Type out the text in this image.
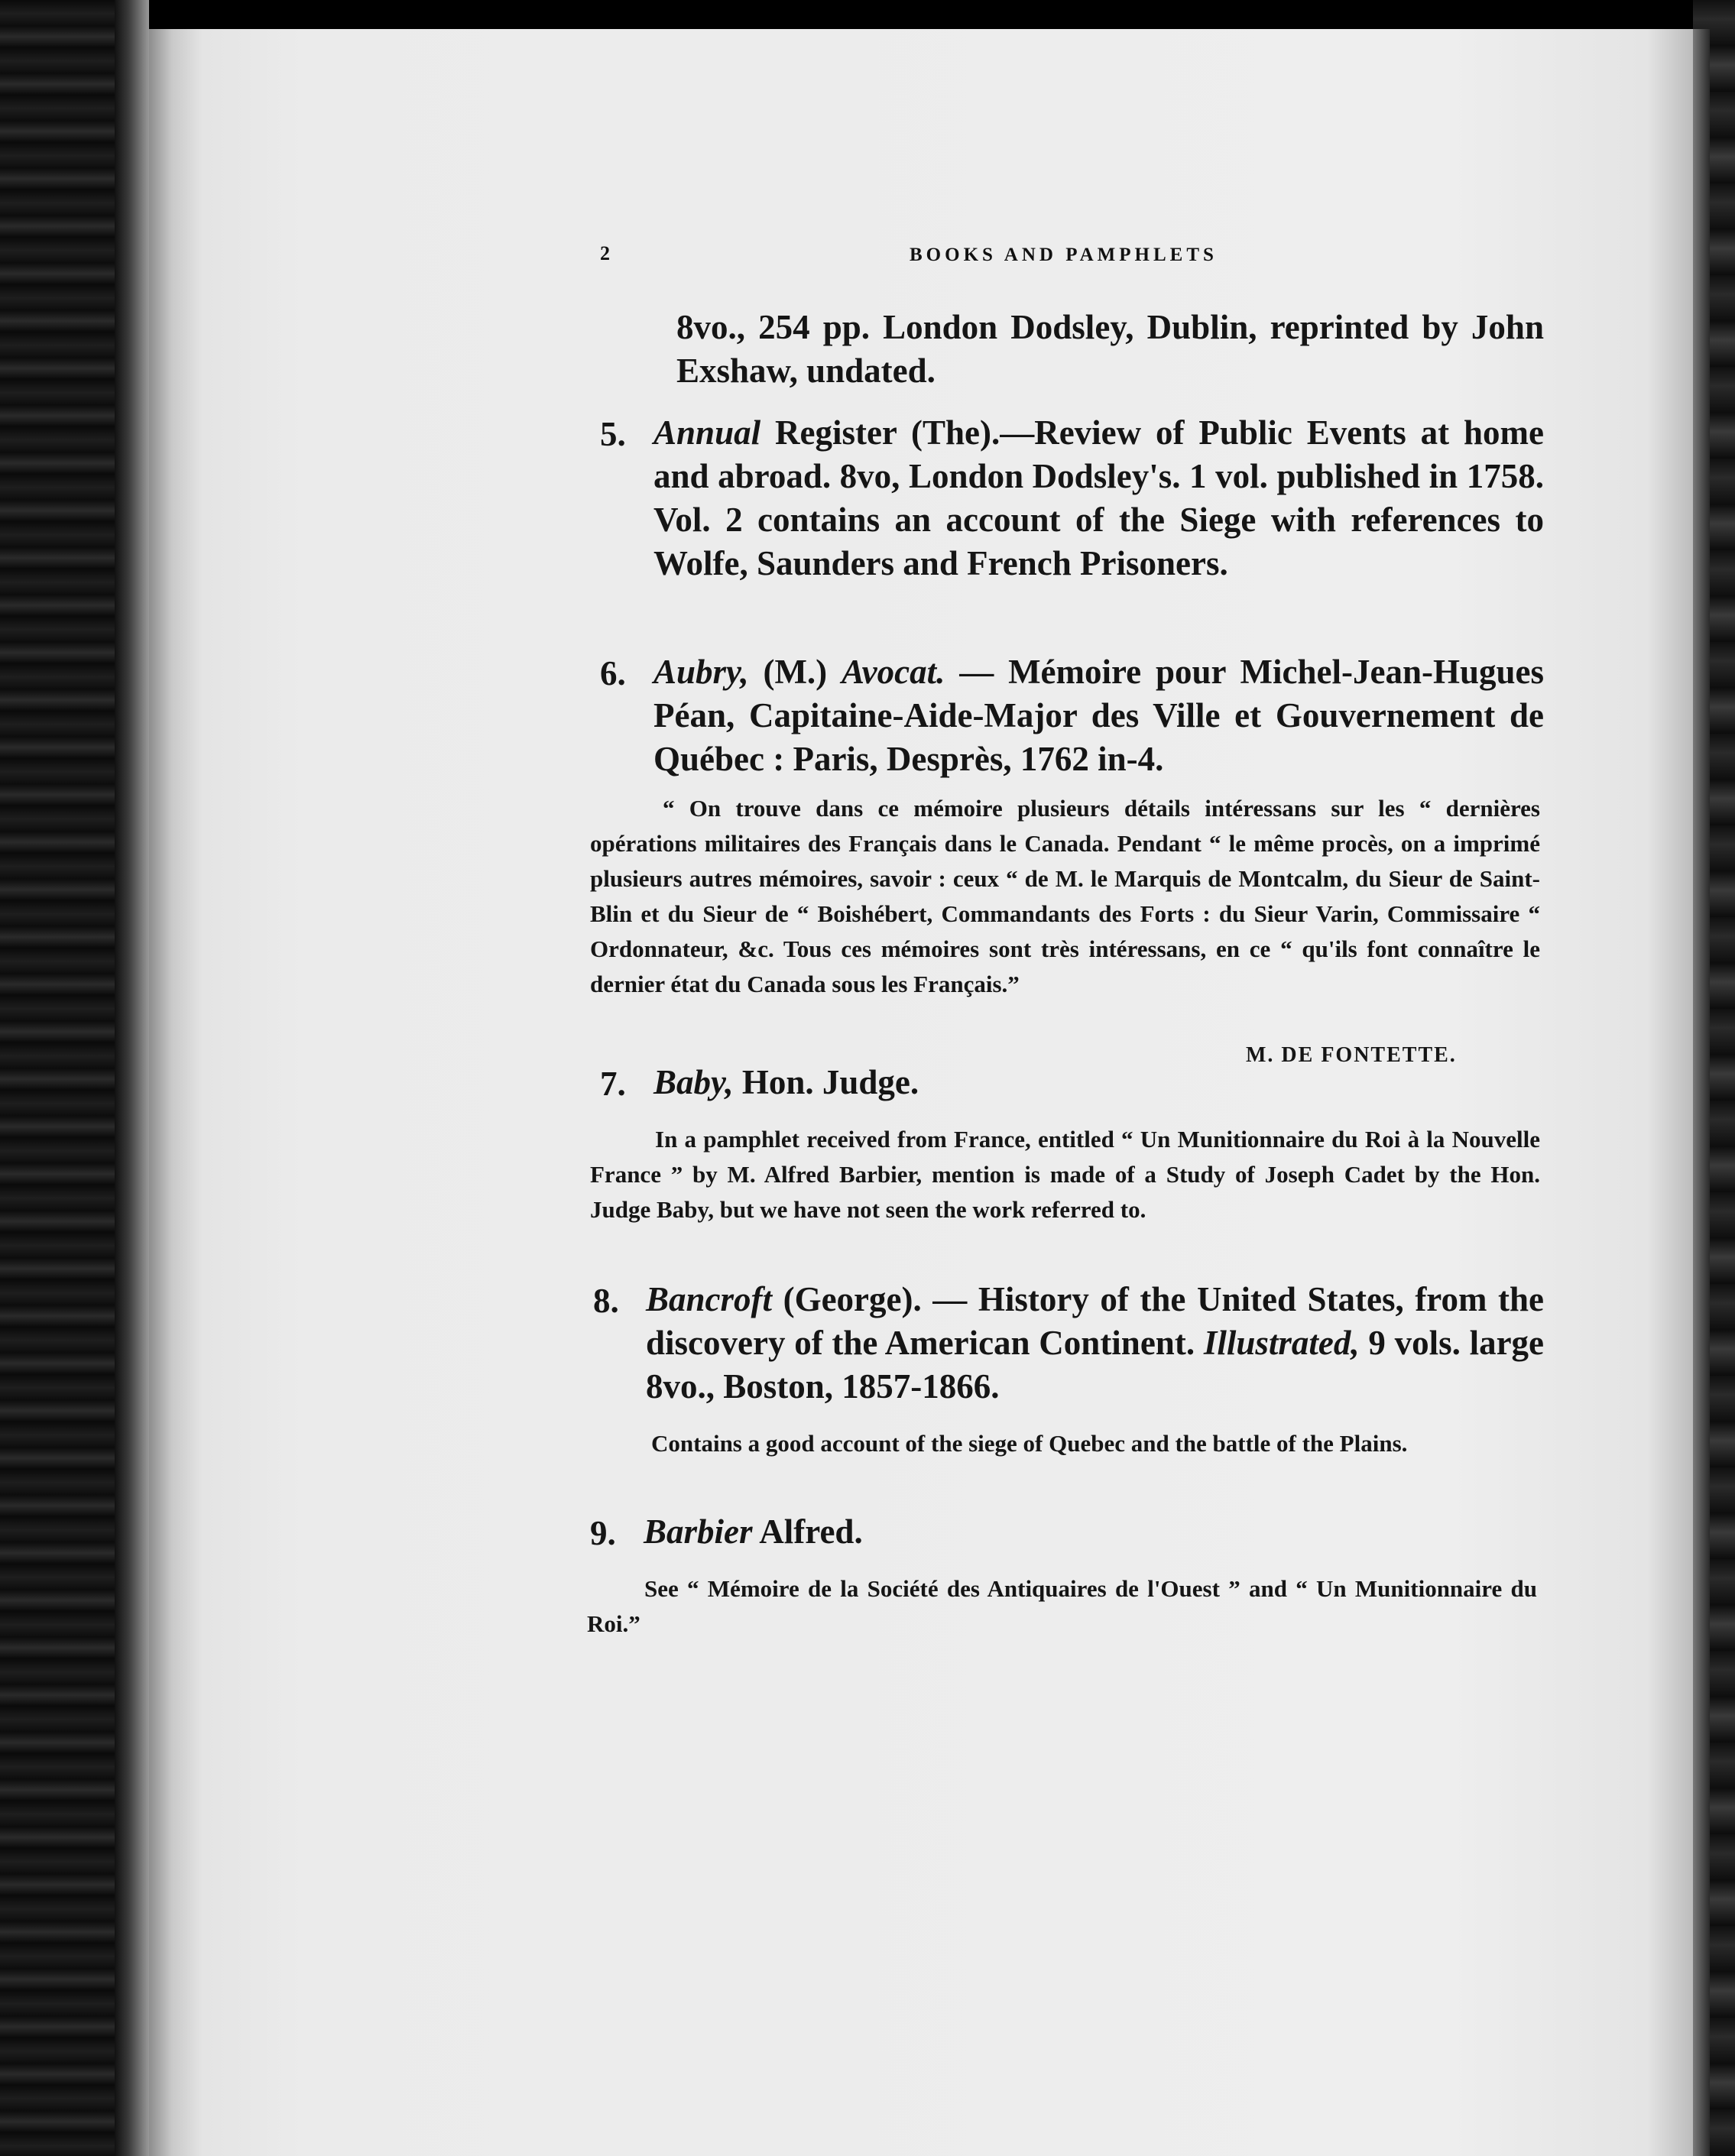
2	BOOKS AND PAMPHLETS
8vo., 254 pp. London Dodsley, Dublin, reprinted by John Exshaw, undated.
5. Annual Register (The).—Review of Public Events at home and abroad. 8vo, London Dodsley's. 1 vol. published in 1758. Vol. 2 contains an account of the Siege with references to Wolfe, Saunders and French Prisoners.
6. Aubry, (M.) Avocat. — Mémoire pour Michel-Jean-Hugues Péan, Capitaine-Aide-Major des Ville et Gouvernement de Québec : Paris, Desprès, 1762 in-4.
“ On trouve dans ce mémoire plusieurs détails intéressans sur les “ dernières opérations militaires des Français dans le Canada. Pendant “ le même procès, on a imprimé plusieurs autres mémoires, savoir : ceux “ de M. le Marquis de Montcalm, du Sieur de Saint-Blin et du Sieur de “ Boishébert, Commandants des Forts : du Sieur Varin, Commissaire “ Ordonnateur, &c. Tous ces mémoires sont très intéressans, en ce “ qu'ils font connaître le dernier état du Canada sous les Français.”
M. DE FONTETTE.
7. Baby, Hon. Judge.
In a pamphlet received from France, entitled “ Un Munitionnaire du Roi à la Nouvelle France ” by M. Alfred Barbier, mention is made of a Study of Joseph Cadet by the Hon. Judge Baby, but we have not seen the work referred to.
8. Bancroft (George). — History of the United States, from the discovery of the American Continent. Illustrated, 9 vols. large 8vo., Boston, 1857-1866.
Contains a good account of the siege of Quebec and the battle of the Plains.
9. Barbier Alfred.
See “ Mémoire de la Société des Antiquaires de l'Ouest ” and “ Un Munitionnaire du Roi.”
